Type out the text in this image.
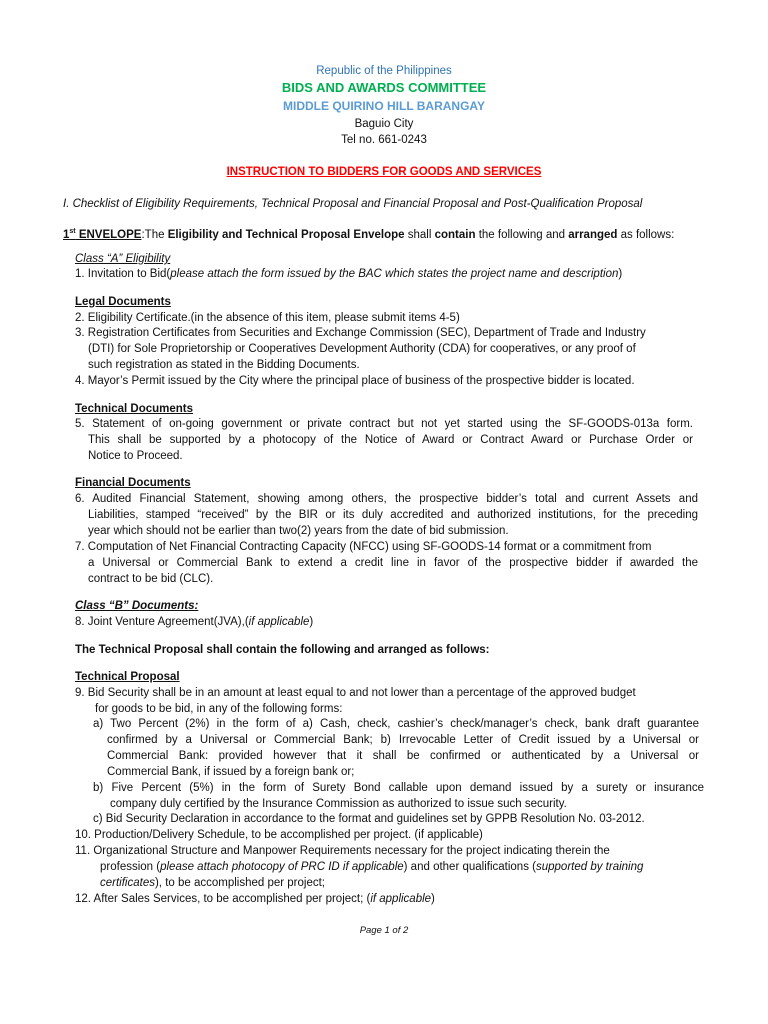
Republic of the Philippines
BIDS AND AWARDS COMMITTEE
MIDDLE QUIRINO HILL BARANGAY
Baguio City
Tel no. 661-0243
INSTRUCTION TO BIDDERS FOR GOODS AND SERVICES
I. Checklist of Eligibility Requirements, Technical Proposal and Financial Proposal and Post-Qualification Proposal
1st ENVELOPE:The Eligibility and Technical Proposal Envelope shall contain the following and arranged as follows:
Class “A” Eligibility
1. Invitation to Bid(please attach the form issued by the BAC which states the project name and description)
Legal Documents
2. Eligibility Certificate.(in the absence of this item, please submit items 4-5)
3. Registration Certificates from Securities and Exchange Commission (SEC), Department of Trade and Industry
(DTI) for Sole Proprietorship or Cooperatives Development Authority (CDA) for cooperatives, or any proof of
such registration as stated in the Bidding Documents.
4. Mayor’s Permit issued by the City where the principal place of business of the prospective bidder is located.
Technical Documents
5. Statement of on-going government or private contract but not yet started using the SF-GOODS-013a form.
This shall be supported by a photocopy of the Notice of Award or Contract Award or Purchase Order or
Notice to Proceed.
Financial Documents
6. Audited Financial Statement, showing among others, the prospective bidder’s total and current Assets and
Liabilities, stamped “received” by the BIR or its duly accredited and authorized institutions, for the preceding
year which should not be earlier than two(2) years from the date of bid submission.
7. Computation of Net Financial Contracting Capacity (NFCC) using SF-GOODS-14 format or a commitment from
a Universal or Commercial Bank to extend a credit line in favor of the prospective bidder if awarded the
contract to be bid (CLC).
Class “B” Documents:
8. Joint Venture Agreement(JVA),(if applicable)
The Technical Proposal shall contain the following and arranged as follows:
Technical Proposal
9. Bid Security shall be in an amount at least equal to and not lower than a percentage of the approved budget
for goods to be bid, in any of the following forms:
a) Two Percent (2%) in the form of a) Cash, check, cashier’s check/manager’s check, bank draft guarantee
confirmed by a Universal or Commercial Bank; b) Irrevocable Letter of Credit issued by a Universal or
Commercial Bank: provided however that it shall be confirmed or authenticated by a Universal or
Commercial Bank, if issued by a foreign bank or;
b) Five Percent (5%) in the form of Surety Bond callable upon demand issued by a surety or insurance
company duly certified by the Insurance Commission as authorized to issue such security.
c) Bid Security Declaration in accordance to the format and guidelines set by GPPB Resolution No. 03-2012.
10. Production/Delivery Schedule, to be accomplished per project. (if applicable)
11. Organizational Structure and Manpower Requirements necessary for the project indicating therein the
profession (please attach photocopy of PRC ID if applicable) and other qualifications (supported by training
certificates), to be accomplished per project;
12. After Sales Services, to be accomplished per project; (if applicable)
Page 1 of 2
